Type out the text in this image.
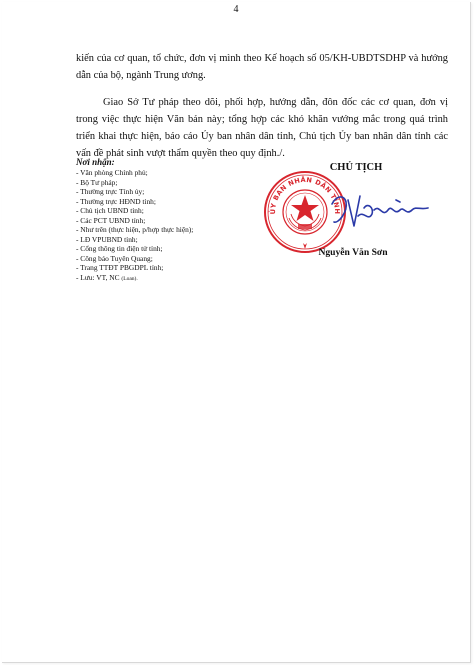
4

kiến của cơ quan, tổ chức, đơn vị mình theo Kế hoạch số 05/KH-UBDTSDHP và hướng dẫn của bộ, ngành Trung ương.

Giao Sở Tư pháp theo dõi, phối hợp, hướng dẫn, đôn đốc các cơ quan, đơn vị trong việc thực hiện Văn bản này; tổng hợp các khó khăn vướng mắc trong quá trình triển khai thực hiện, báo cáo Ủy ban nhân dân tỉnh, Chủ tịch Ủy ban nhân dân tỉnh các vấn đề phát sinh vượt thẩm quyền theo quy định./.

Nơi nhận:

- Văn phòng Chính phủ;
- Bộ Tư pháp;
- Thường trực Tỉnh ủy;
- Thường trực HĐND tỉnh;
- Chủ tịch UBND tỉnh;
- Các PCT UBND tỉnh;
- Như trên (thực hiện, p/hợp thực hiện);
- LĐ VPUBND tỉnh;
- Cổng thông tin điện tử tỉnh;
- Công báo Tuyên Quang;
- Trang TTĐT PBGDPL tỉnh;
- Lưu: VT, NC (Loan).

CHỦ TỊCH

ỦY BAN NHÂN DÂN TỈNH

Nguyễn Văn Sơn
